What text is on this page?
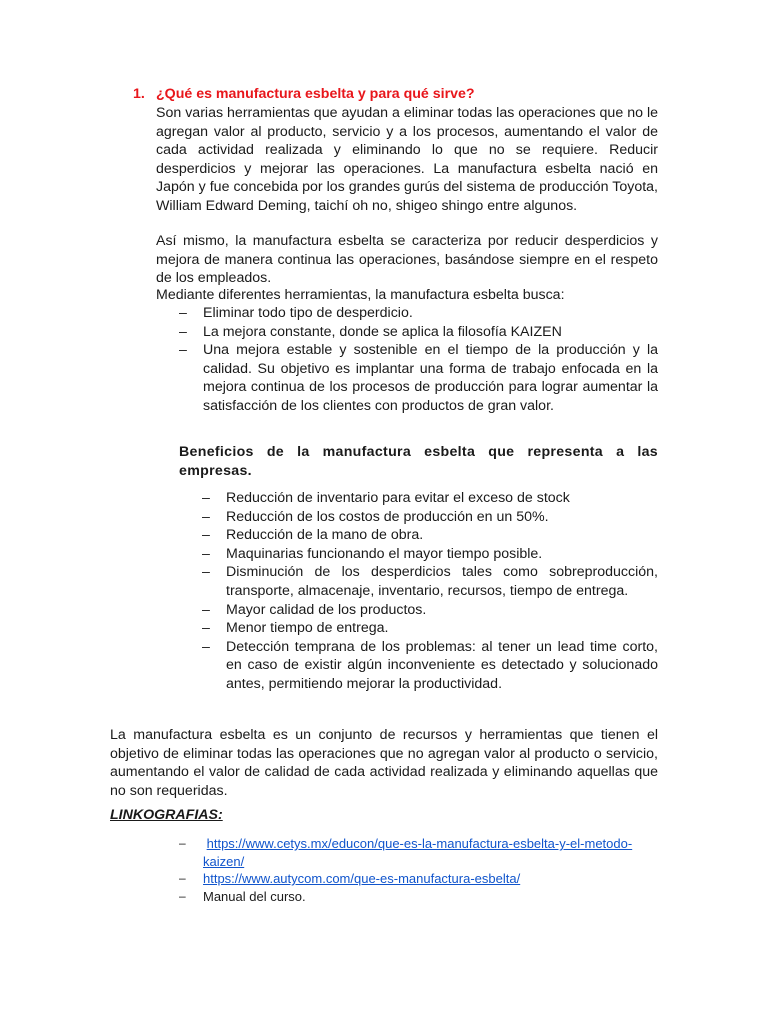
1. ¿Qué es manufactura esbelta y para qué sirve?

Son varias herramientas que ayudan a eliminar todas las operaciones que no le agregan valor al producto, servicio y a los procesos, aumentando el valor de cada actividad realizada y eliminando lo que no se requiere. Reducir desperdicios y mejorar las operaciones. La manufactura esbelta nació en Japón y fue concebida por los grandes gurús del sistema de producción Toyota, William Edward Deming, taichí oh no, shigeo shingo entre algunos.

Así mismo, la manufactura esbelta se caracteriza por reducir desperdicios y mejora de manera continua las operaciones, basándose siempre en el respeto de los empleados.

Mediante diferentes herramientas, la manufactura esbelta busca:

– Eliminar todo tipo de desperdicio.
– La mejora constante, donde se aplica la filosofía KAIZEN
– Una mejora estable y sostenible en el tiempo de la producción y la calidad. Su objetivo es implantar una forma de trabajo enfocada en la mejora continua de los procesos de producción para lograr aumentar la satisfacción de los clientes con productos de gran valor.

Beneficios de la manufactura esbelta que representa a las empresas.

– Reducción de inventario para evitar el exceso de stock
– Reducción de los costos de producción en un 50%.
– Reducción de la mano de obra.
– Maquinarias funcionando el mayor tiempo posible.
– Disminución de los desperdicios tales como sobreproducción, transporte, almacenaje, inventario, recursos, tiempo de entrega.
– Mayor calidad de los productos.
– Menor tiempo de entrega.
– Detección temprana de los problemas: al tener un lead time corto, en caso de existir algún inconveniente es detectado y solucionado antes, permitiendo mejorar la productividad.

La manufactura esbelta es un conjunto de recursos y herramientas que tienen el objetivo de eliminar todas las operaciones que no agregan valor al producto o servicio, aumentando el valor de calidad de cada actividad realizada y eliminando aquellas que no son requeridas.

LINKOGRAFIAS:

– https://www.cetys.mx/educon/que-es-la-manufactura-esbelta-y-el-metodo-kaizen/
– https://www.autycom.com/que-es-manufactura-esbelta/
– Manual del curso.
